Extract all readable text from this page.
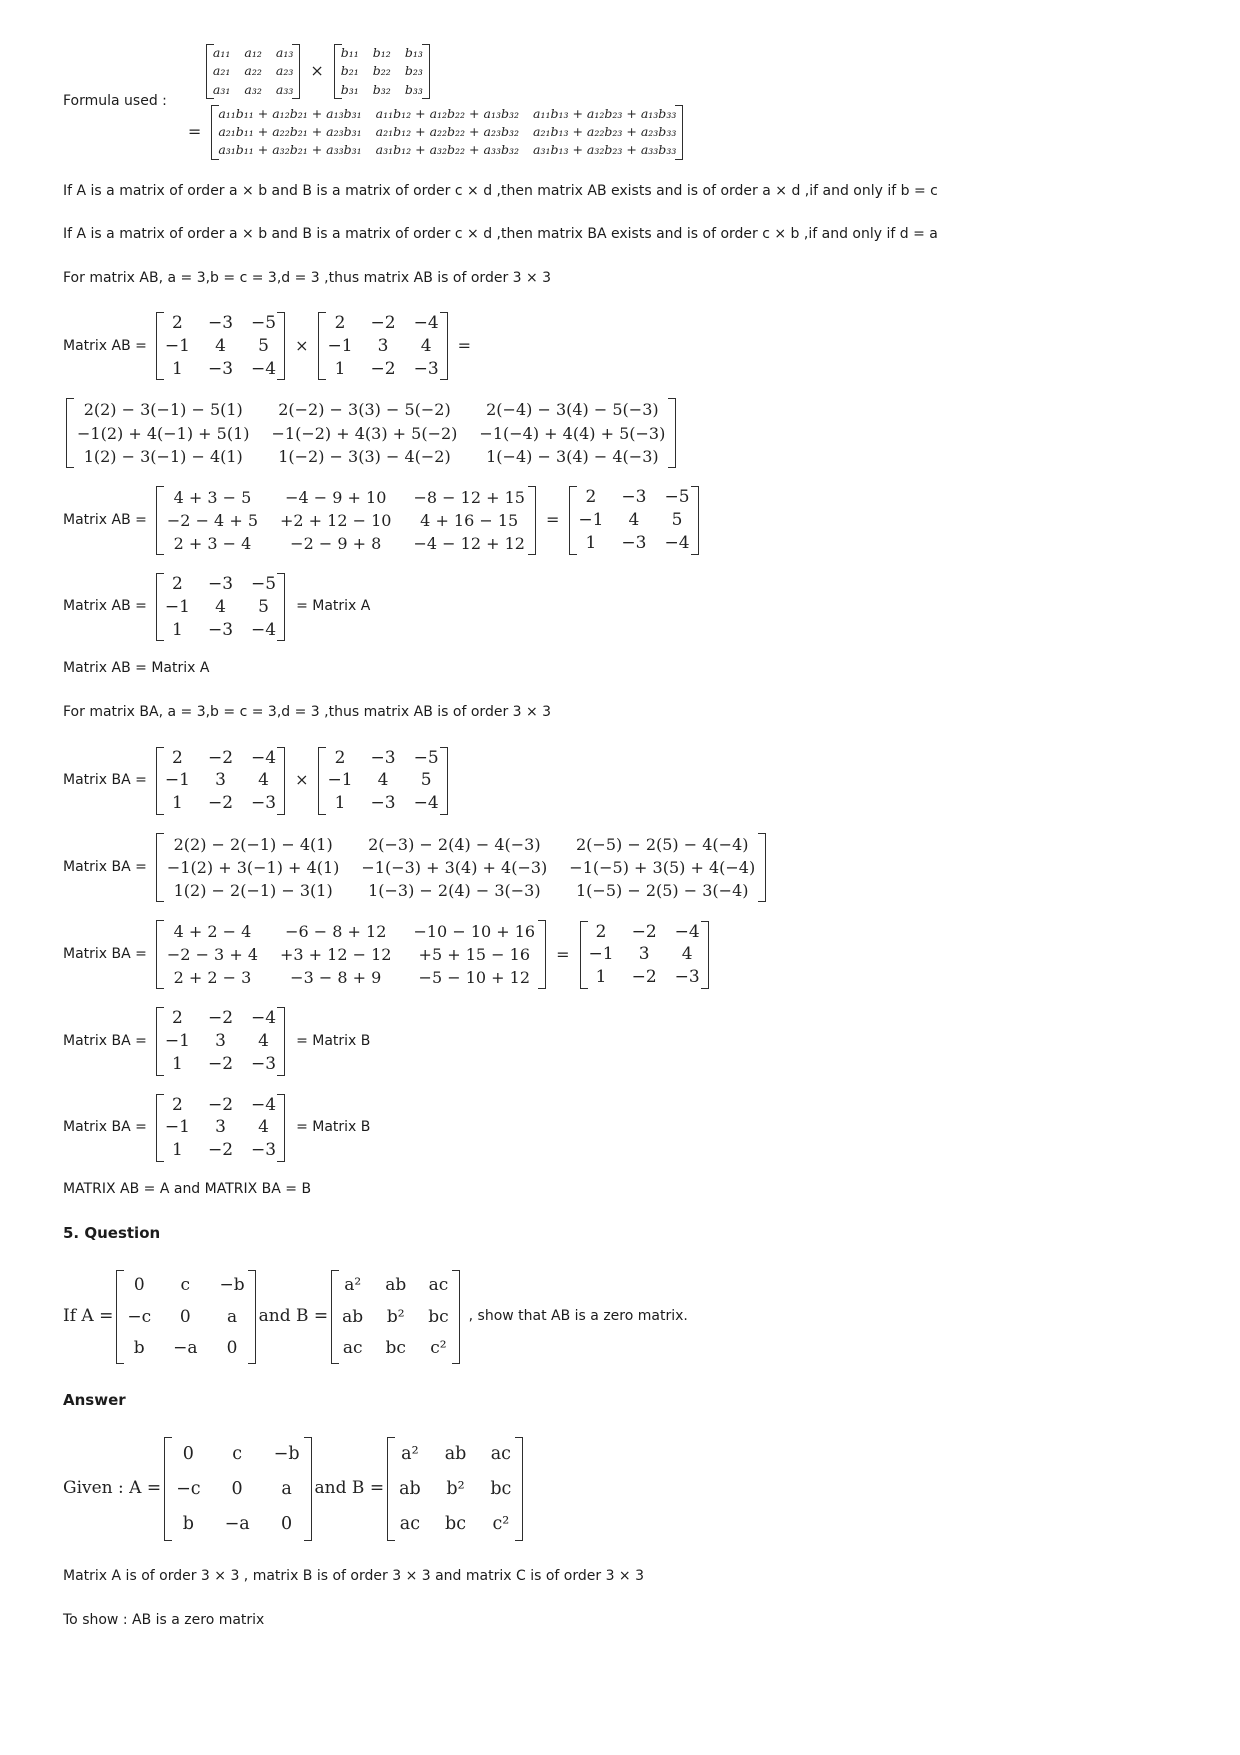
Formula used :
a₁₁	a₁₂	a₁₃
a₂₁	a₂₂	a₂₃
a₃₁	a₃₂	a₃₃

×
b₁₁	b₁₂	b₁₃
b₂₁	b₂₂	b₂₃
b₃₁	b₃₂	b₃₃

=
a₁₁b₁₁ + a₁₂b₂₁ + a₁₃b₃₁	a₁₁b₁₂ + a₁₂b₂₂ + a₁₃b₃₂	a₁₁b₁₃ + a₁₂b₂₃ + a₁₃b₃₃
a₂₁b₁₁ + a₂₂b₂₁ + a₂₃b₃₁	a₂₁b₁₂ + a₂₂b₂₂ + a₂₃b₃₂	a₂₁b₁₃ + a₂₂b₂₃ + a₂₃b₃₃
a₃₁b₁₁ + a₃₂b₂₁ + a₃₃b₃₁	a₃₁b₁₂ + a₃₂b₂₂ + a₃₃b₃₂	a₃₁b₁₃ + a₃₂b₂₃ + a₃₃b₃₃

If A is a matrix of order a × b and B is a matrix of order c × d ,then matrix AB exists and is of order a × d ,if and only if b = c

If A is a matrix of order a × b and B is a matrix of order c × d ,then matrix BA exists and is of order c × b ,if and only if d = a

For matrix AB, a = 3,b = c = 3,d = 3 ,thus matrix AB is of order 3 × 3

Matrix AB =
2	−3	−5
−1	4	5
1	−3	−4

×
2	−2	−4
−1	3	4
1	−2	−3

=
2(2) − 3(−1) − 5(1)	2(−2) − 3(3) − 5(−2)	2(−4) − 3(4) − 5(−3)
−1(2) + 4(−1) + 5(1)	−1(−2) + 4(3) + 5(−2)	−1(−4) + 4(4) + 5(−3)
1(2) − 3(−1) − 4(1)	1(−2) − 3(3) − 4(−2)	1(−4) − 3(4) − 4(−3)

Matrix AB =
4 + 3 − 5	−4 − 9 + 10	−8 − 12 + 15
−2 − 4 + 5	+2 + 12 − 10	4 + 16 − 15
2 + 3 − 4	−2 − 9 + 8	−4 − 12 + 12

=
2	−3	−5
−1	4	5
1	−3	−4

Matrix AB =
2	−3	−5
−1	4	5
1	−3	−4

= Matrix A

Matrix AB = Matrix A

For matrix BA, a = 3,b = c = 3,d = 3 ,thus matrix AB is of order 3 × 3

Matrix BA =
2	−2	−4
−1	3	4
1	−2	−3

×
2	−3	−5
−1	4	5
1	−3	−4

Matrix BA =
2(2) − 2(−1) − 4(1)	2(−3) − 2(4) − 4(−3)	2(−5) − 2(5) − 4(−4)
−1(2) + 3(−1) + 4(1)	−1(−3) + 3(4) + 4(−3)	−1(−5) + 3(5) + 4(−4)
1(2) − 2(−1) − 3(1)	1(−3) − 2(4) − 3(−3)	1(−5) − 2(5) − 3(−4)

Matrix BA =
4 + 2 − 4	−6 − 8 + 12	−10 − 10 + 16
−2 − 3 + 4	+3 + 12 − 12	+5 + 15 − 16
2 + 2 − 3	−3 − 8 + 9	−5 − 10 + 12

=
2	−2	−4
−1	3	4
1	−2	−3

Matrix BA =
2	−2	−4
−1	3	4
1	−2	−3

= Matrix B
Matrix BA =
2	−2	−4
−1	3	4
1	−2	−3

= Matrix B

MATRIX AB = A and MATRIX BA = B

5. Question
If A =
0	c	−b
−c	0	a
b	−a	0

and B =
a²	ab	ac
ab	b²	bc
ac	bc	c²

, show that AB is a zero matrix.
Answer
Given : A =
0	c	−b
−c	0	a
b	−a	0

and B =
a²	ab	ac
ab	b²	bc
ac	bc	c²

Matrix A is of order 3 × 3 , matrix B is of order 3 × 3 and matrix C is of order 3 × 3

To show : AB is a zero matrix
